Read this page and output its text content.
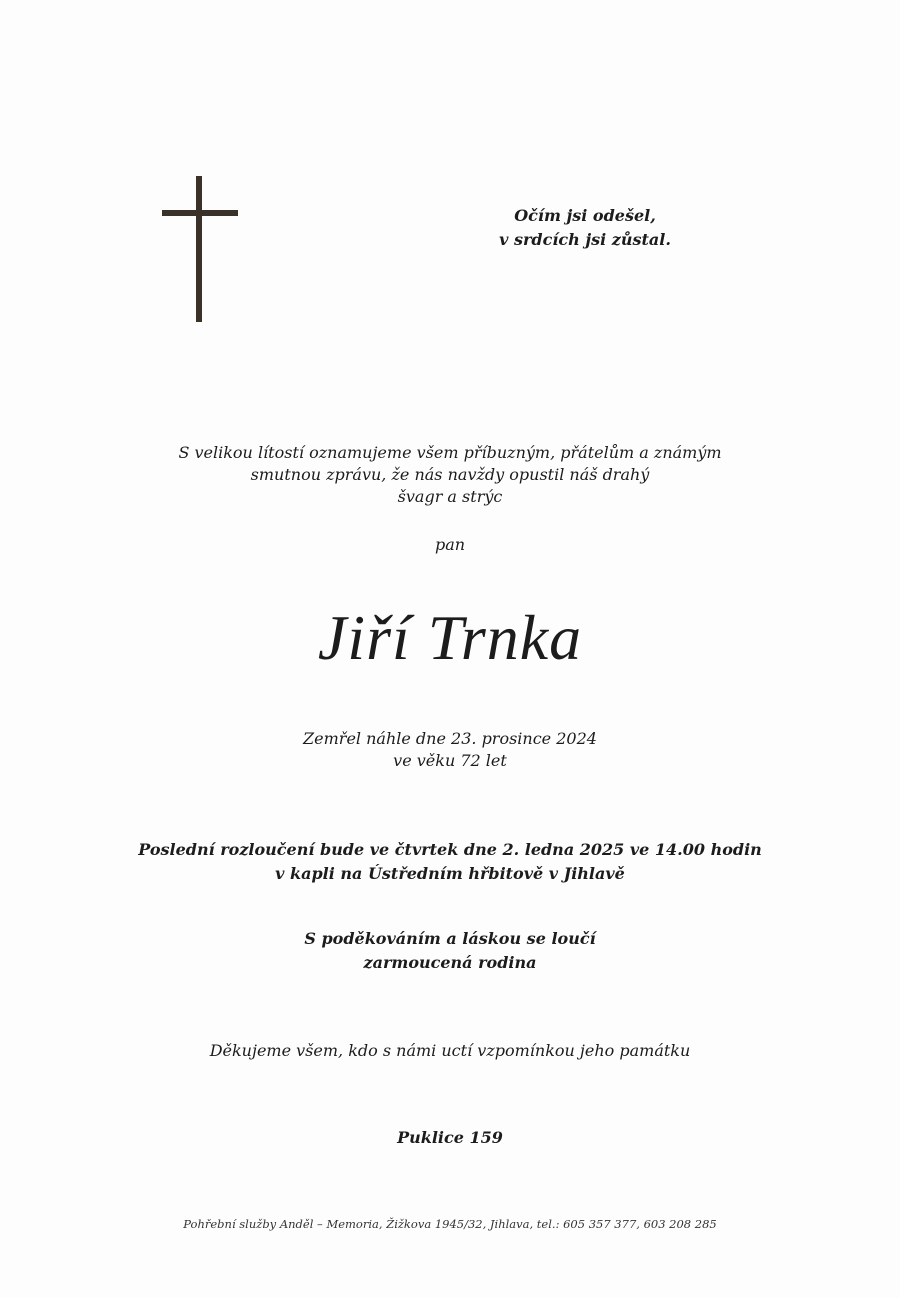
Očím jsi odešel,
v srdcích jsi zůstal.
S velikou lítostí oznamujeme všem příbuzným, přátelům a známým
smutnou zprávu, že nás navždy opustil náš drahý
švagr a strýc
pan
Jiří Trnka
Zemřel náhle dne 23. prosince 2024
ve věku 72 let
Poslední rozloučení bude ve čtvrtek dne 2. ledna 2025 ve 14.00 hodin
v kapli na Ústředním hřbitově v Jihlavě
S poděkováním a láskou se loučí
zarmoucená rodina
Děkujeme všem, kdo s námi uctí vzpomínkou jeho památku
Puklice 159
Pohřební služby Anděl – Memoria, Žižkova 1945/32, Jihlava, tel.: 605 357 377, 603 208 285
